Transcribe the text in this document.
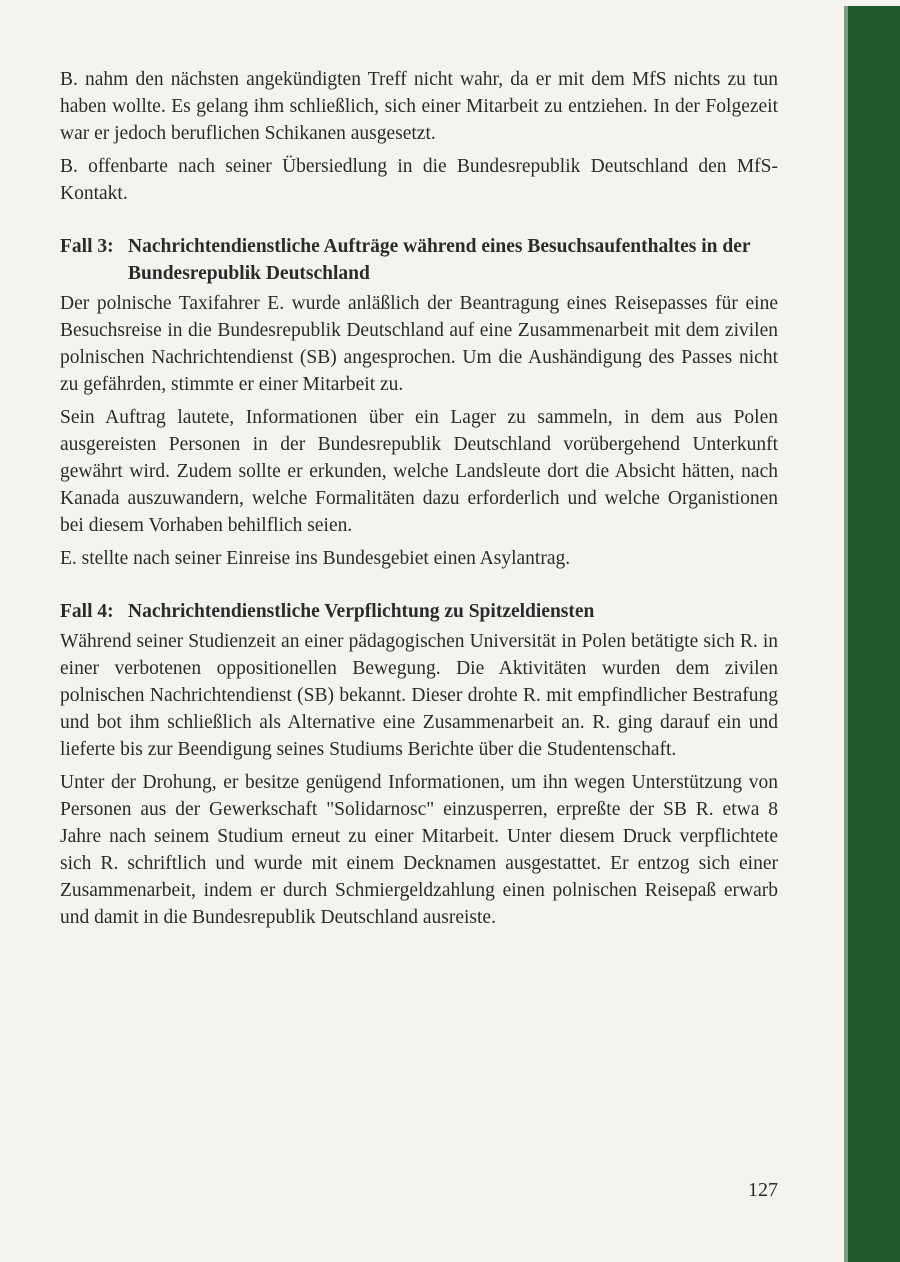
B. nahm den nächsten angekündigten Treff nicht wahr, da er mit dem MfS nichts zu tun haben wollte. Es gelang ihm schließlich, sich einer Mitarbeit zu entziehen. In der Folgezeit war er jedoch beruflichen Schikanen ausgesetzt.

B. offenbarte nach seiner Übersiedlung in die Bundesrepublik Deutschland den MfS-Kontakt.

Fall 3: Nachrichtendienstliche Aufträge während eines Besuchsaufenthaltes in der Bundesrepublik Deutschland

Der polnische Taxifahrer E. wurde anläßlich der Beantragung eines Reisepasses für eine Besuchsreise in die Bundesrepublik Deutschland auf eine Zusammenarbeit mit dem zivilen polnischen Nachrichtendienst (SB) angesprochen. Um die Aushändigung des Passes nicht zu gefährden, stimmte er einer Mitarbeit zu.

Sein Auftrag lautete, Informationen über ein Lager zu sammeln, in dem aus Polen ausgereisten Personen in der Bundesrepublik Deutschland vorübergehend Unterkunft gewährt wird. Zudem sollte er erkunden, welche Landsleute dort die Absicht hätten, nach Kanada auszuwandern, welche Formalitäten dazu erforderlich und welche Organistionen bei diesem Vorhaben behilflich seien.

E. stellte nach seiner Einreise ins Bundesgebiet einen Asylantrag.

Fall 4: Nachrichtendienstliche Verpflichtung zu Spitzeldiensten

Während seiner Studienzeit an einer pädagogischen Universität in Polen betätigte sich R. in einer verbotenen oppositionellen Bewegung. Die Aktivitäten wurden dem zivilen polnischen Nachrichtendienst (SB) bekannt. Dieser drohte R. mit empfindlicher Bestrafung und bot ihm schließlich als Alternative eine Zusammenarbeit an. R. ging darauf ein und lieferte bis zur Beendigung seines Studiums Berichte über die Studentenschaft.

Unter der Drohung, er besitze genügend Informationen, um ihn wegen Unterstützung von Personen aus der Gewerkschaft "Solidarnosc" einzusperren, erpreßte der SB R. etwa 8 Jahre nach seinem Studium erneut zu einer Mitarbeit. Unter diesem Druck verpflichtete sich R. schriftlich und wurde mit einem Decknamen ausgestattet. Er entzog sich einer Zusammenarbeit, indem er durch Schmiergeldzahlung einen polnischen Reisepaß erwarb und damit in die Bundesrepublik Deutschland ausreiste.

127
